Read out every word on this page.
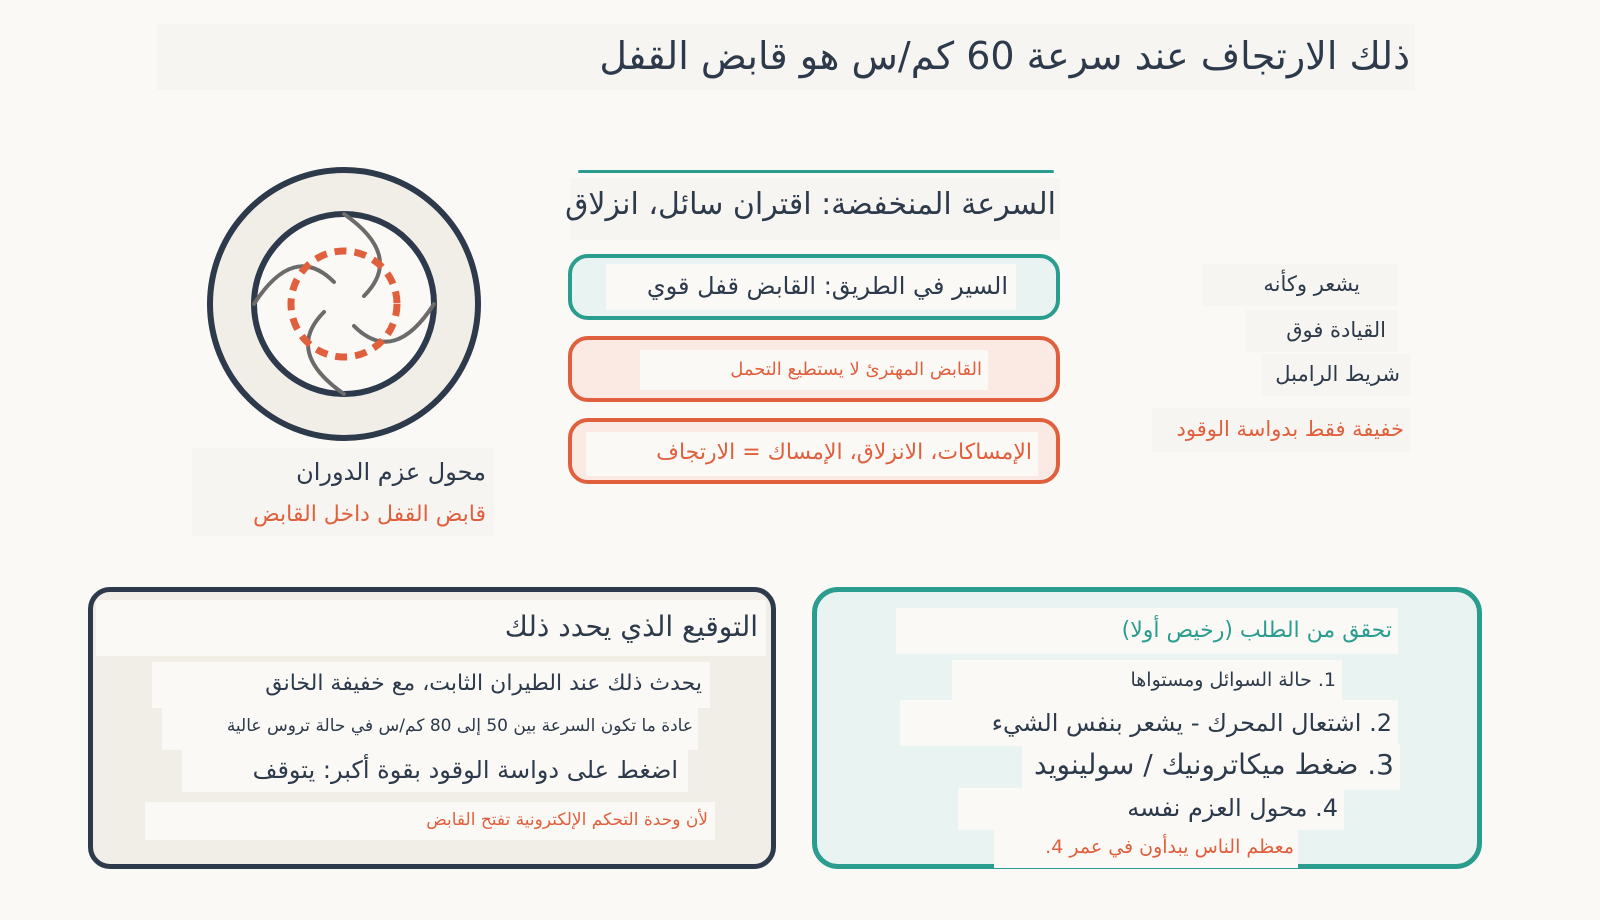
ذلك الارتجاف عند سرعة 60 كم/س هو قابض القفل
محول عزم الدوران
قابض القفل داخل القابض
السرعة المنخفضة: اقتران سائل، انزلاق
السير في الطريق: القابض قفل قوي
القابض المهترئ لا يستطيع التحمل
الإمساكات، الانزلاق، الإمساك = الارتجاف
يشعر وكأنه
القيادة فوق
شريط الرامبل
خفيفة فقط بدواسة الوقود
التوقيع الذي يحدد ذلك
يحدث ذلك عند الطيران الثابت، مع خفيفة الخانق
عادة ما تكون السرعة بين 50 إلى 80 كم/س في حالة تروس عالية
اضغط على دواسة الوقود بقوة أكبر: يتوقف
لأن وحدة التحكم الإلكترونية تفتح القابض
تحقق من الطلب (رخيص أولا)
1. حالة السوائل ومستواها
2. اشتعال المحرك - يشعر بنفس الشيء
3. ضغط ميكاترونيك / سولينويد
4. محول العزم نفسه
معظم الناس يبدأون في عمر 4.
